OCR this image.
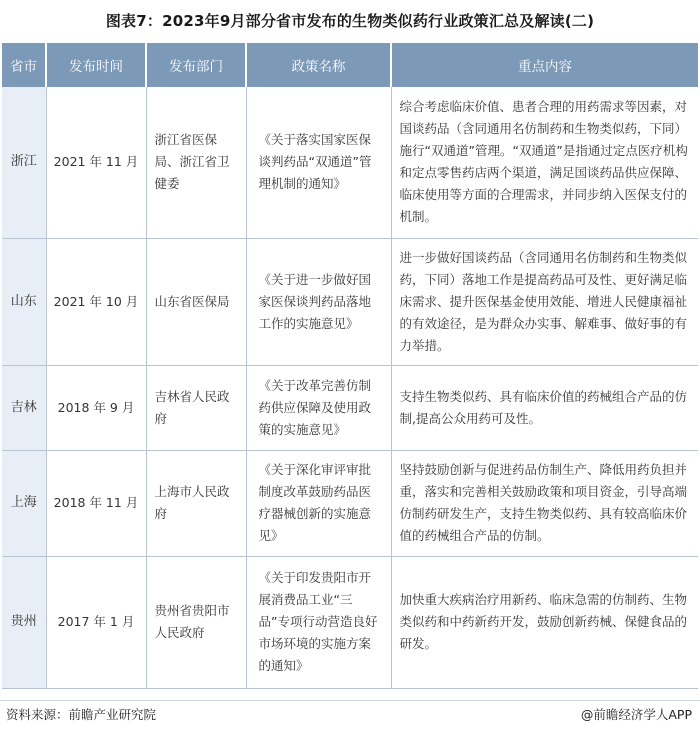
图表7：2023年9月部分省市发布的生物类似药行业政策汇总及解读(二)
省市	发布时间	发布部门	政策名称	重点内容
浙江	2021 年 11 月	浙江省医保局、浙江省卫健委	《关于落实国家医保谈判药品“双通道”管理机制的通知》	综合考虑临床价值、患者合理的用药需求等因素，对国谈药品（含同通用名仿制药和生物类似药，下同）施行“双通道”管理。“双通道”是指通过定点医疗机构和定点零售药店两个渠道，满足国谈药品供应保障、临床使用等方面的合理需求，并同步纳入医保支付的机制。
山东	2021 年 10 月	山东省医保局	《关于进一步做好国家医保谈判药品落地工作的实施意见》	进一步做好国谈药品（含同通用名仿制药和生物类似药，下同）落地工作是提高药品可及性、更好满足临床需求、提升医保基金使用效能、增进人民健康福祉的有效途径，是为群众办实事、解难事、做好事的有力举措。
吉林	2018 年 9 月	吉林省人民政府	《关于改革完善仿制药供应保障及使用政策的实施意见》	支持生物类似药、具有临床价值的药械组合产品的仿制,提高公众用药可及性。
上海	2018 年 11 月	上海市人民政府	《关于深化审评审批制度改革鼓励药品医疗器械创新的实施意见》	坚持鼓励创新与促进药品仿制生产、降低用药负担并重，落实和完善相关鼓励政策和项目资金，引导高端仿制药研发生产，支持生物类似药、具有较高临床价值的药械组合产品的仿制。
贵州	2017 年 1 月	贵州省贵阳市人民政府	《关于印发贵阳市开展消费品工业“三品”专项行动营造良好市场环境的实施方案的通知》	加快重大疾病治疗用新药、临床急需的仿制药、生物类似药和中药新药开发，鼓励创新药械、保健食品的研发。
资料来源：前瞻产业研究院	@前瞻经济学人APP
